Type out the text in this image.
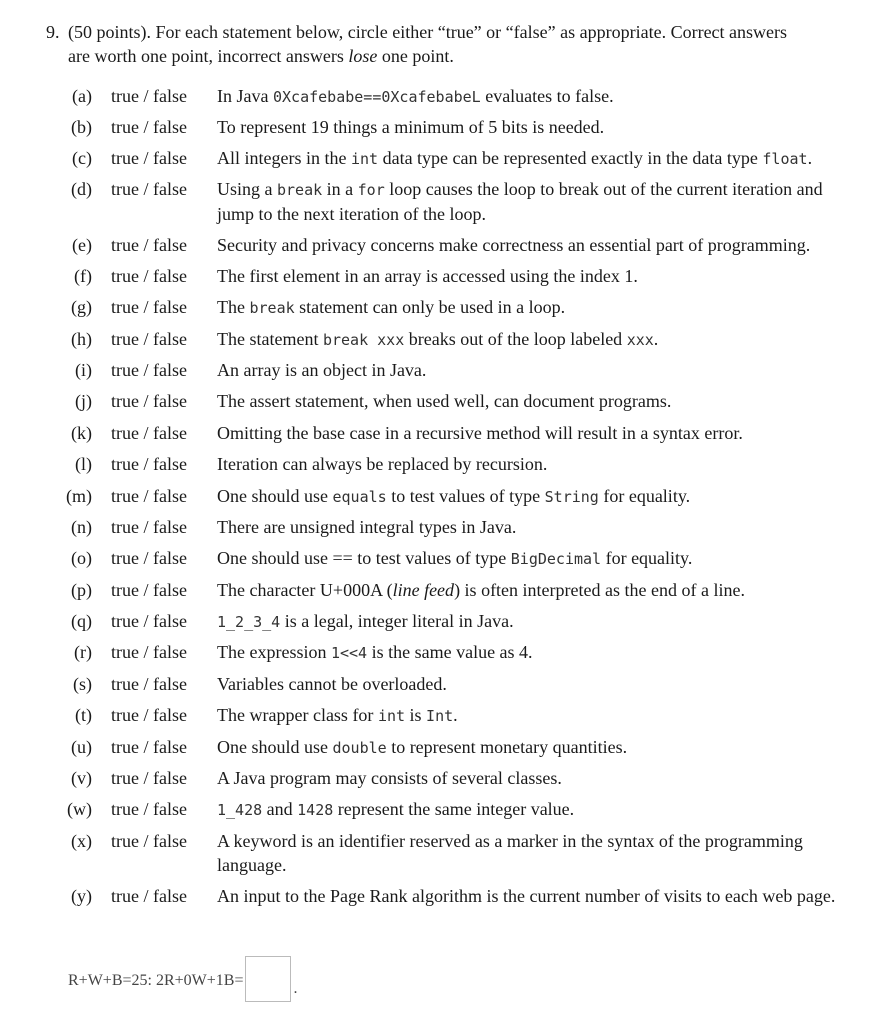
9. (50 points). For each statement below, circle either “true” or “false” as appropriate. Correct answers
are worth one point, incorrect answers lose one point.
(a) true / false In Java 0Xcafebabe==0XcafebabeL evaluates to false.
(b) true / false To represent 19 things a minimum of 5 bits is needed.
(c) true / false All integers in the int data type can be represented exactly in the data type float.
(d) true / false Using a break in a for loop causes the loop to break out of the current iteration and jump to the next iteration of the loop.
(e) true / false Security and privacy concerns make correctness an essential part of programming.
(f) true / false The first element in an array is accessed using the index 1.
(g) true / false The break statement can only be used in a loop.
(h) true / false The statement break xxx breaks out of the loop labeled xxx.
(i) true / false An array is an object in Java.
(j) true / false The assert statement, when used well, can document programs.
(k) true / false Omitting the base case in a recursive method will result in a syntax error.
(l) true / false Iteration can always be replaced by recursion.
(m) true / false One should use equals to test values of type String for equality.
(n) true / false There are unsigned integral types in Java.
(o) true / false One should use == to test values of type BigDecimal for equality.
(p) true / false The character U+000A (line feed) is often interpreted as the end of a line.
(q) true / false 1_2_3_4 is a legal, integer literal in Java.
(r) true / false The expression 1<<4 is the same value as 4.
(s) true / false Variables cannot be overloaded.
(t) true / false The wrapper class for int is Int.
(u) true / false One should use double to represent monetary quantities.
(v) true / false A Java program may consists of several classes.
(w) true / false 1_428 and 1428 represent the same integer value.
(x) true / false A keyword is an identifier reserved as a marker in the syntax of the programming language.
(y) true / false An input to the Page Rank algorithm is the current number of visits to each web page.
R+W+B=25: 2R+0W+1B=	.
